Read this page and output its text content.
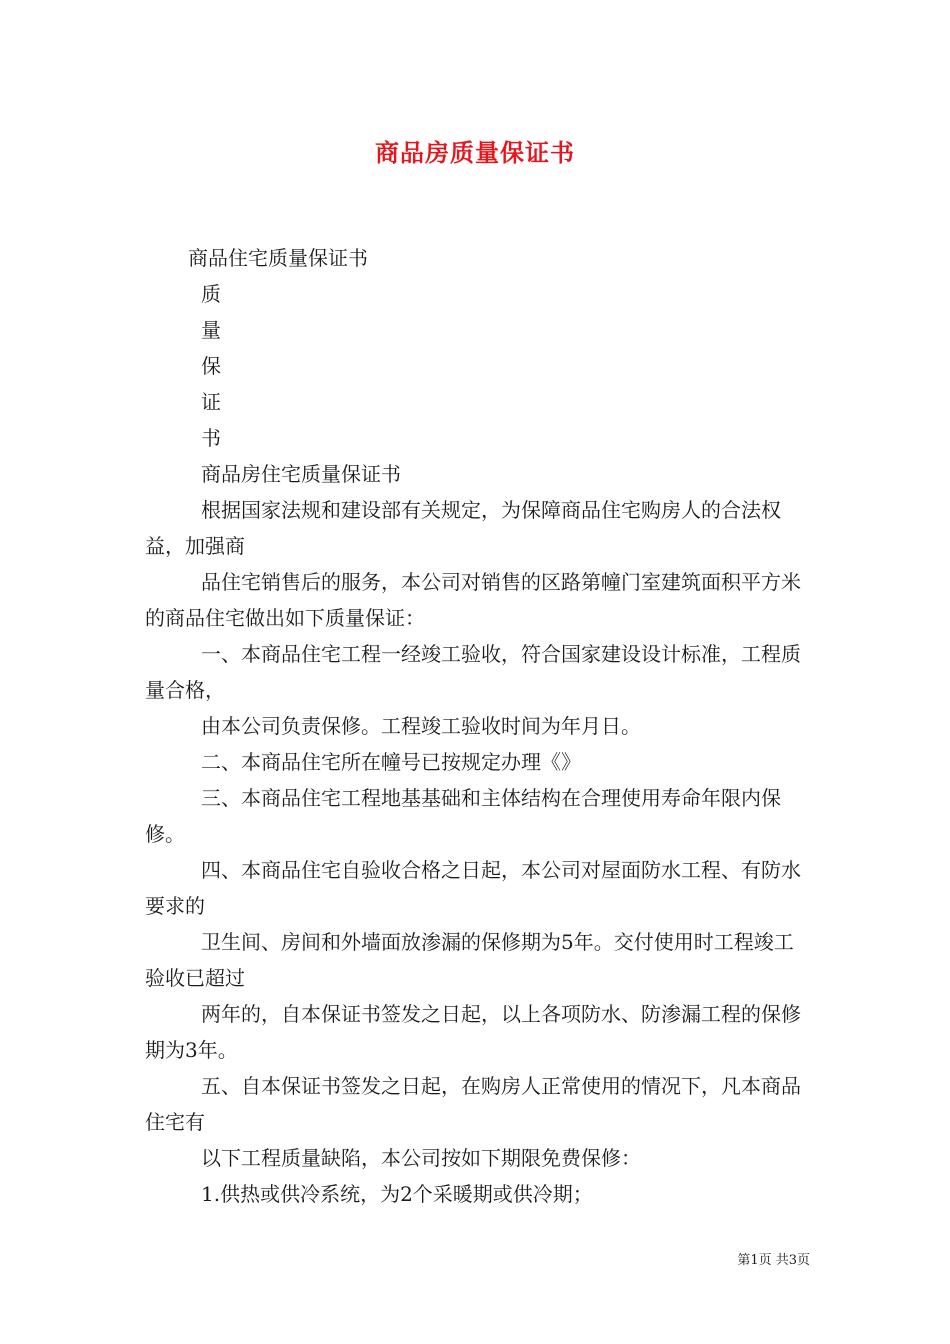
商品房质量保证书

商品住宅质量保证书

质

量

保

证

书

商品房住宅质量保证书

根据国家法规和建设部有关规定，为保障商品住宅购房人的合法权益，加强商

品住宅销售后的服务，本公司对销售的区路第幢门室建筑面积平方米的商品住宅做出如下质量保证：

一、本商品住宅工程一经竣工验收，符合国家建设设计标准，工程质量合格，

由本公司负责保修。工程竣工验收时间为年月日。

二、本商品住宅所在幢号已按规定办理《》

三、本商品住宅工程地基基础和主体结构在合理使用寿命年限内保修。

四、本商品住宅自验收合格之日起，本公司对屋面防水工程、有防水要求的

卫生间、房间和外墙面放渗漏的保修期为5年。交付使用时工程竣工验收已超过

两年的，自本保证书签发之日起，以上各项防水、防渗漏工程的保修期为3年。

五、自本保证书签发之日起，在购房人正常使用的情况下，凡本商品住宅有

以下工程质量缺陷，本公司按如下期限免费保修：

1.供热或供冷系统，为2个采暖期或供冷期；

第1页 共3页
